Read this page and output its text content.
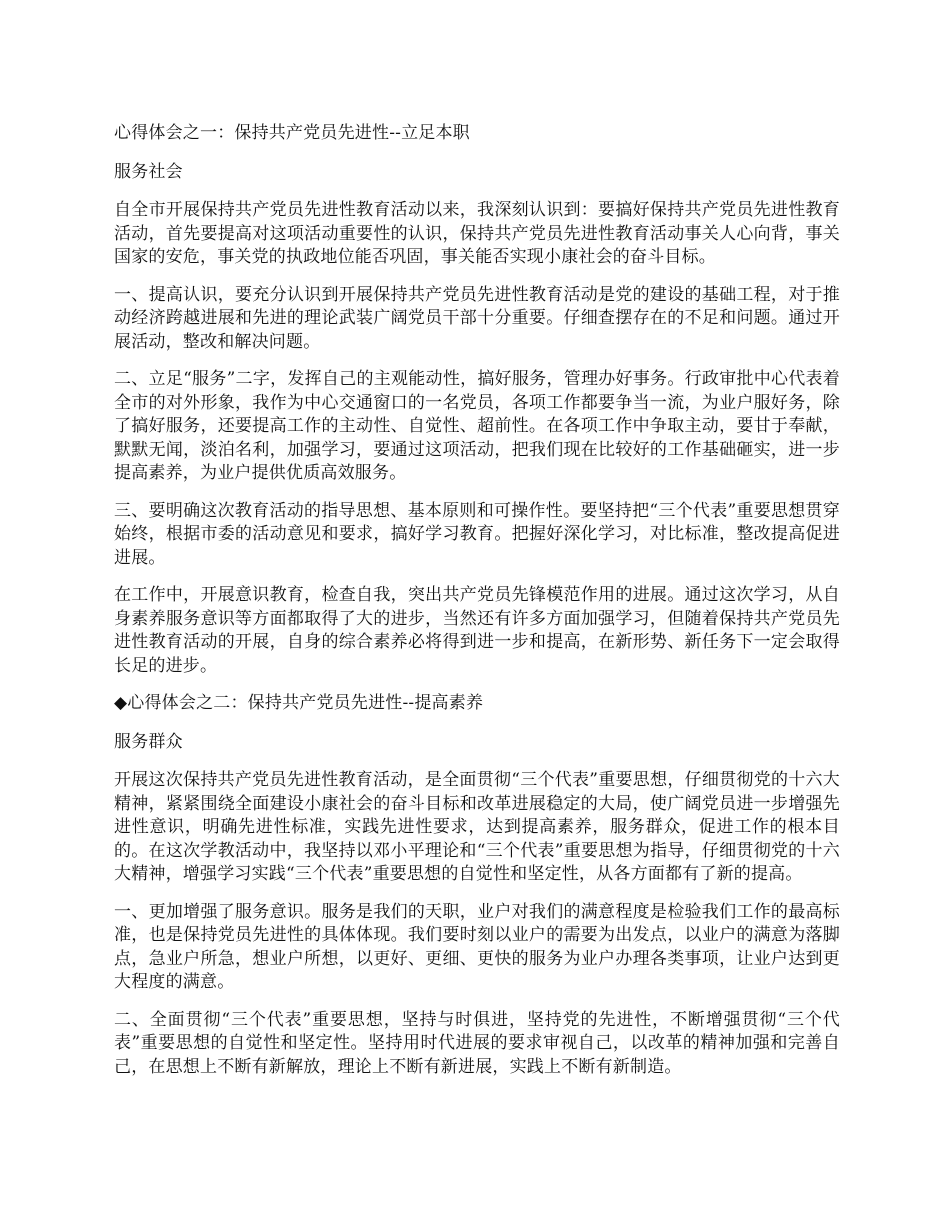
心得体会之一：保持共产党员先进性--立足本职

服务社会

自全市开展保持共产党员先进性教育活动以来，我深刻认识到：要搞好保持共产党员先进性教育活动，首先要提高对这项活动重要性的认识，保持共产党员先进性教育活动事关人心向背，事关国家的安危，事关党的执政地位能否巩固，事关能否实现小康社会的奋斗目标。

一、提高认识，要充分认识到开展保持共产党员先进性教育活动是党的建设的基础工程，对于推动经济跨越进展和先进的理论武装广阔党员干部十分重要。仔细查摆存在的不足和问题。通过开展活动，整改和解决问题。

二、立足“服务”二字，发挥自己的主观能动性，搞好服务，管理办好事务。行政审批中心代表着全市的对外形象，我作为中心交通窗口的一名党员，各项工作都要争当一流，为业户服好务，除了搞好服务，还要提高工作的主动性、自觉性、超前性。在各项工作中争取主动，要甘于奉献，默默无闻，淡泊名利，加强学习，要通过这项活动，把我们现在比较好的工作基础砸实，进一步提高素养，为业户提供优质高效服务。

三、要明确这次教育活动的指导思想、基本原则和可操作性。要坚持把“三个代表”重要思想贯穿始终，根据市委的活动意见和要求，搞好学习教育。把握好深化学习，对比标准，整改提高促进进展。

在工作中，开展意识教育，检查自我，突出共产党员先锋模范作用的进展。通过这次学习，从自身素养服务意识等方面都取得了大的进步，当然还有许多方面加强学习，但随着保持共产党员先进性教育活动的开展，自身的综合素养必将得到进一步和提高，在新形势、新任务下一定会取得长足的进步。

◆心得体会之二：保持共产党员先进性--提高素养

服务群众

开展这次保持共产党员先进性教育活动，是全面贯彻“三个代表”重要思想，仔细贯彻党的十六大精神，紧紧围绕全面建设小康社会的奋斗目标和改革进展稳定的大局，使广阔党员进一步增强先进性意识，明确先进性标准，实践先进性要求，达到提高素养，服务群众，促进工作的根本目的。在这次学教活动中，我坚持以邓小平理论和“三个代表”重要思想为指导，仔细贯彻党的十六大精神，增强学习实践“三个代表”重要思想的自觉性和坚定性，从各方面都有了新的提高。

一、更加增强了服务意识。服务是我们的天职，业户对我们的满意程度是检验我们工作的最高标准，也是保持党员先进性的具体体现。我们要时刻以业户的需要为出发点，以业户的满意为落脚点，急业户所急，想业户所想，以更好、更细、更快的服务为业户办理各类事项，让业户达到更大程度的满意。

二、全面贯彻“三个代表”重要思想，坚持与时俱进，坚持党的先进性，不断增强贯彻“三个代表”重要思想的自觉性和坚定性。坚持用时代进展的要求审视自己，以改革的精神加强和完善自己，在思想上不断有新解放，理论上不断有新进展，实践上不断有新制造。
